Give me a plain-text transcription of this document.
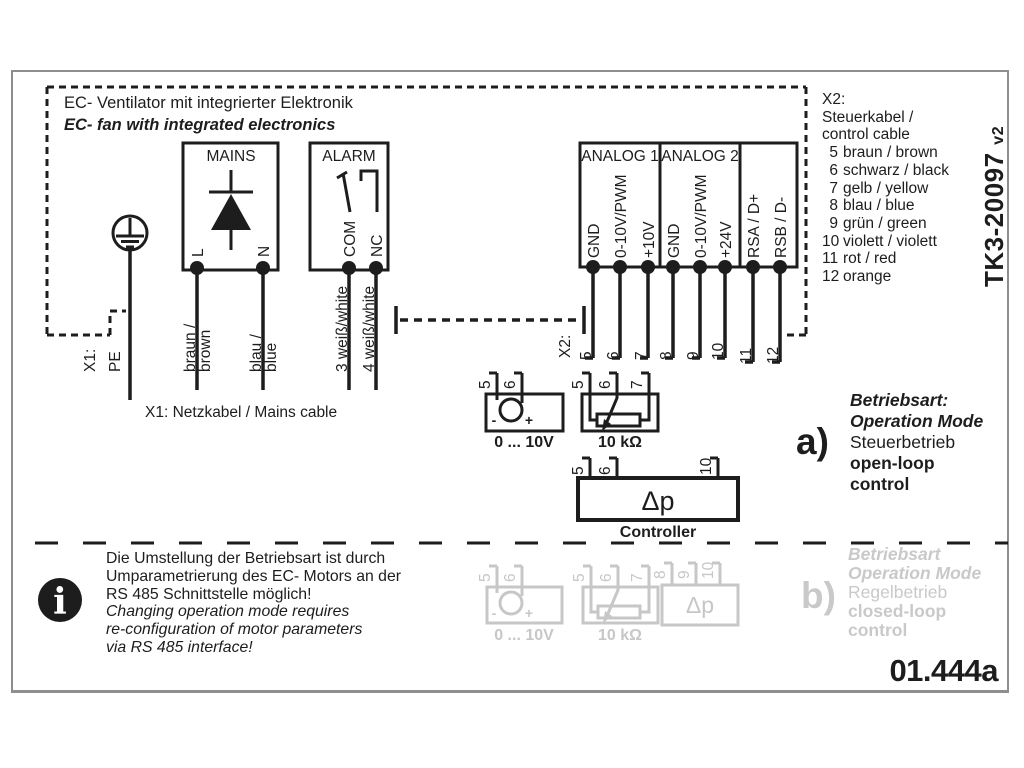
i
MAINS	ALARM	ANALOG 1 ANALOG 2
L	N	COM NC	GND 0-10V/PWM +10V GND 0-10V/PWM +24V RSA / D+ RSB / D-
5 6 7 8 9 10 11 12
braun /
brown blau /
blue	3 weiß/white 4 weiß/white
X1: PE
X2:
X1: Netzkabel / Mains cable
5 6
- +
0 ... 10V
5 6 7
10 kΩ
5 6	10
Δp
Controller
5 6
- +
0 ... 10V
5 6 7
10 kΩ
8 9 10
Δp
EC- Ventilator mit integrierter Elektronik
EC- fan with integrated electronics
X2:
Steuerkabel /
control cable
5 braun / brown
6 schwarz / black
7 gelb / yellow
8 blau / blue
9 grün / green
10 violett / violett
11 rot / red
12 orange	TK3-20097 v2
a)
Betriebsart:
Operation Mode
Steuerbetrieb
open-loop
control
b)
Betriebsart
Operation Mode
Regelbetrieb
closed-loop
control
Die Umstellung der Betriebsart ist durch
Umparametrierung des EC- Motors an der
RS 485 Schnittstelle möglich!
Changing operation mode requires
re-configuration of motor parameters
via RS 485 interface!
01.444a
